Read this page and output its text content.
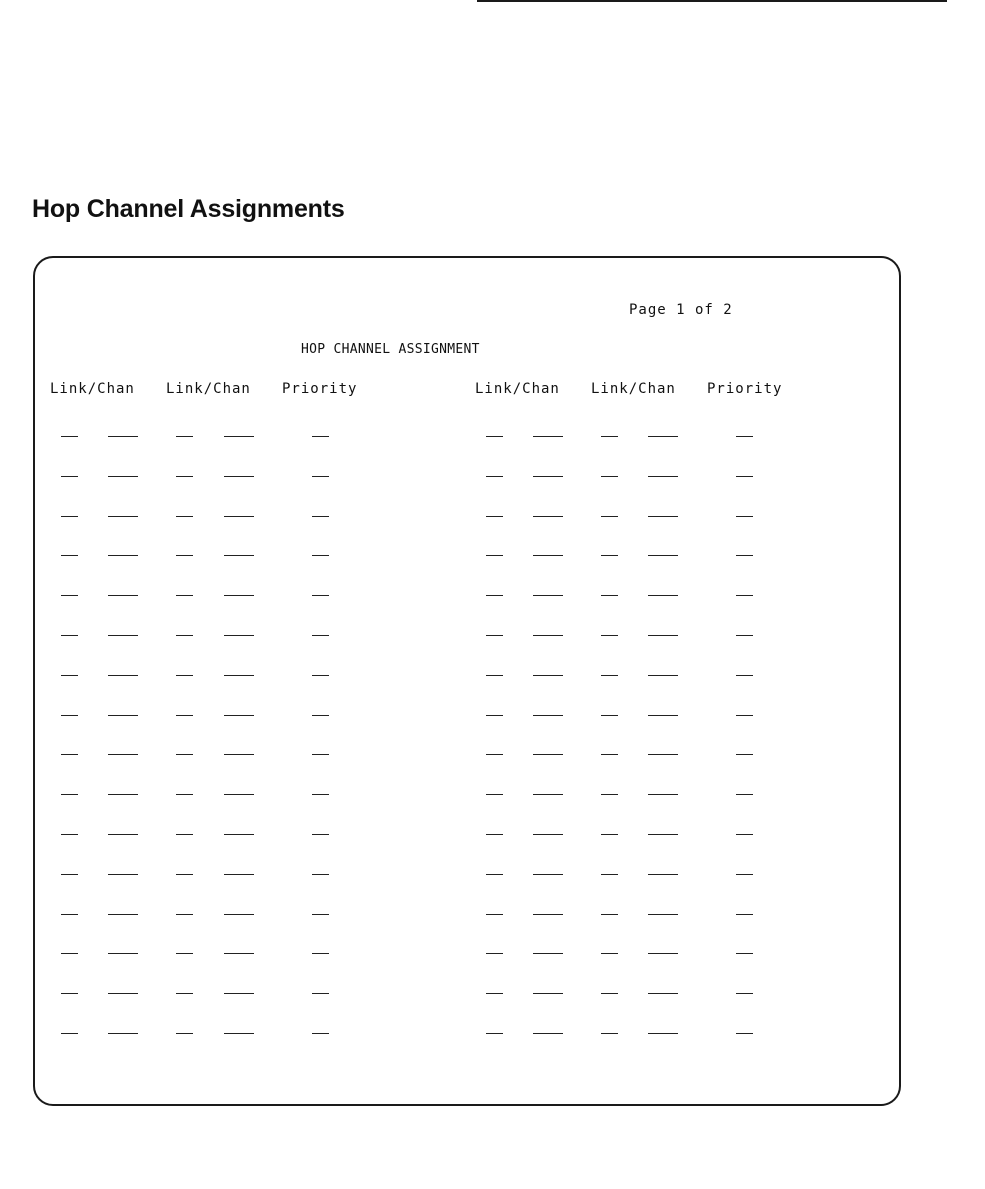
Hop Channel Assignments
Page 1 of 2
HOP CHANNEL ASSIGNMENT
Link/Chan Link/Chan Priority	Link/Chan Link/Chan Priority
